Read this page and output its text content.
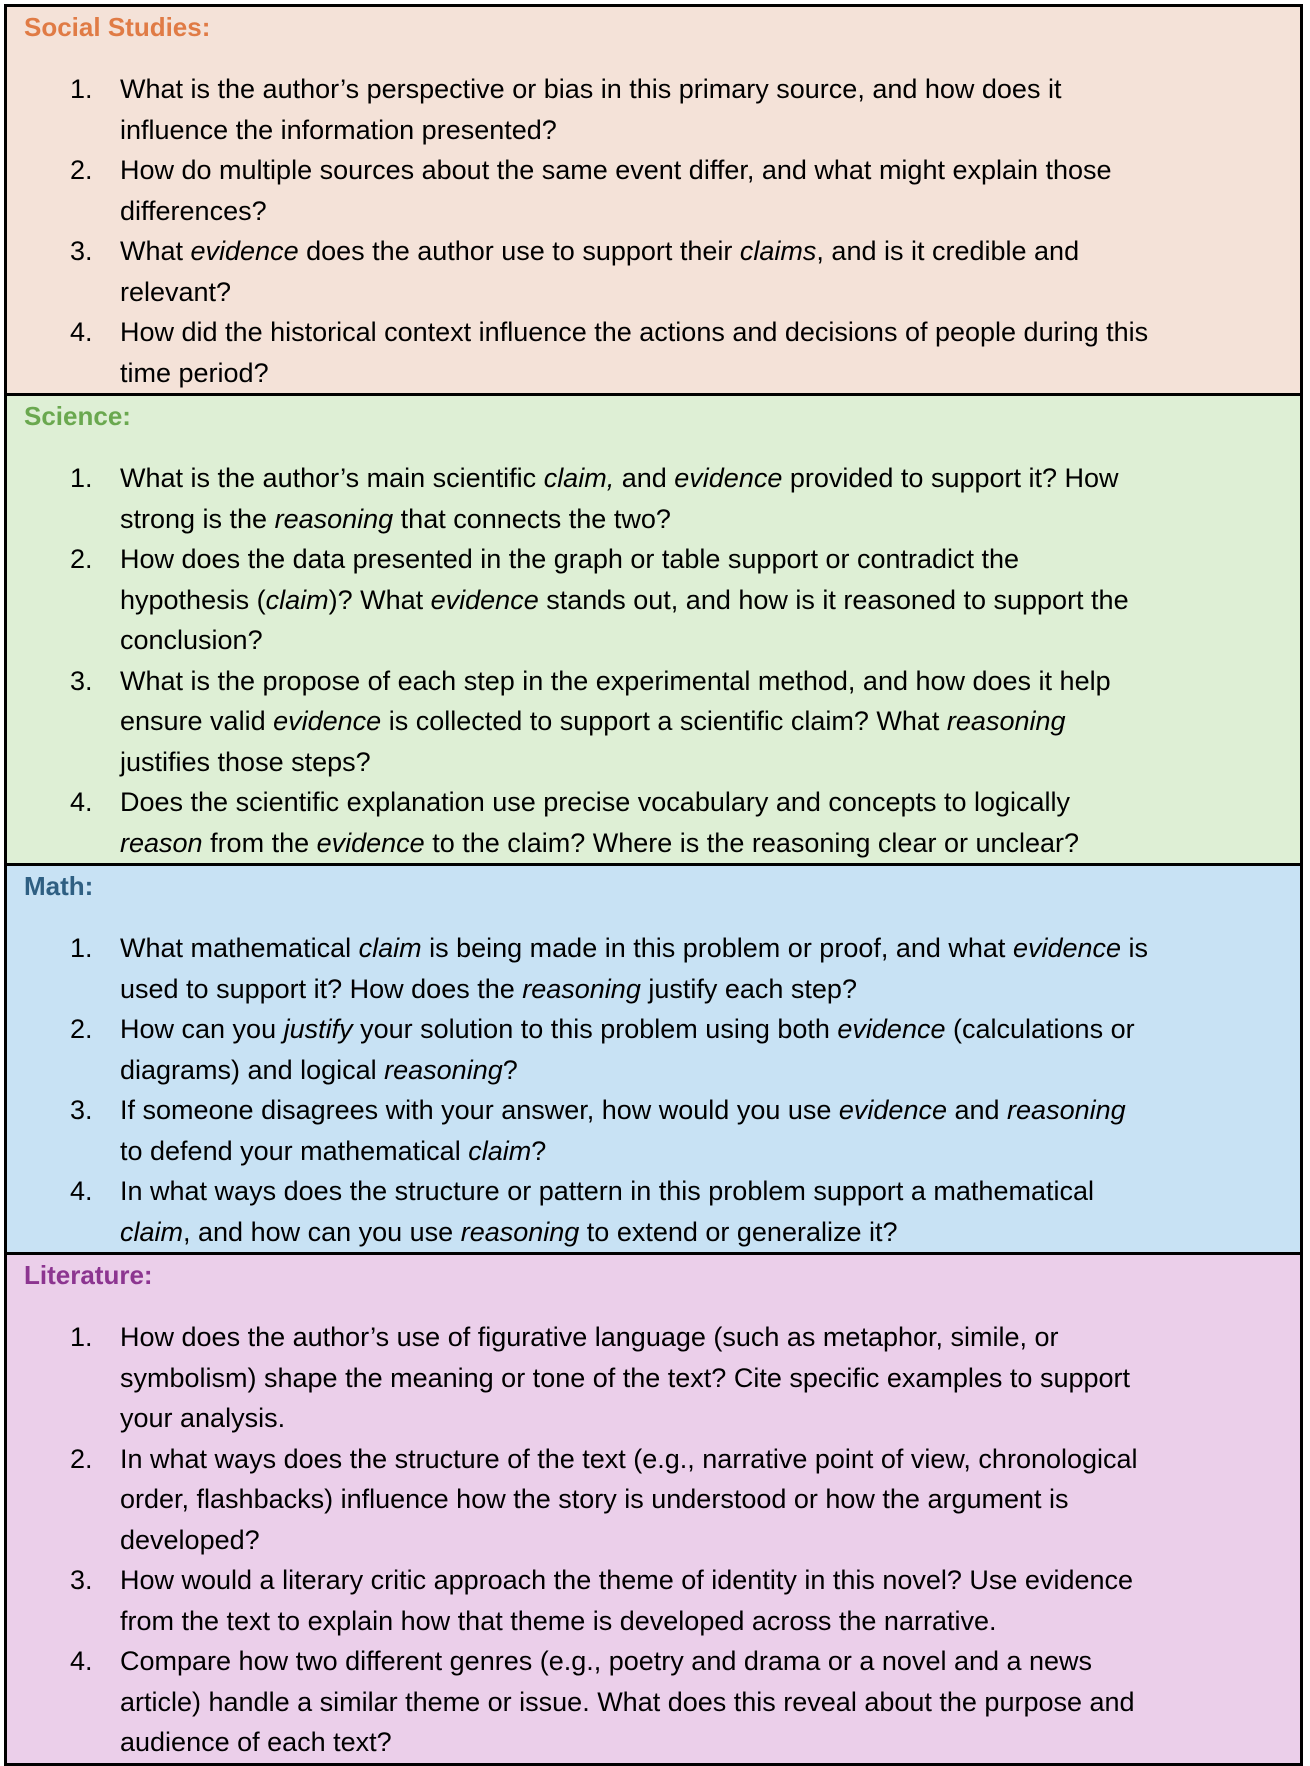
Social Studies:
1. What is the author’s perspective or bias in this primary source, and how does it
influence the information presented?
2. How do multiple sources about the same event differ, and what might explain those
differences?
3. What evidence does the author use to support their claims, and is it credible and
relevant?
4. How did the historical context influence the actions and decisions of people during this
time period?
Science:
1. What is the author’s main scientific claim, and evidence provided to support it? How
strong is the reasoning that connects the two?
2. How does the data presented in the graph or table support or contradict the
hypothesis (claim)? What evidence stands out, and how is it reasoned to support the
conclusion?
3. What is the propose of each step in the experimental method, and how does it help
ensure valid evidence is collected to support a scientific claim? What reasoning
justifies those steps?
4. Does the scientific explanation use precise vocabulary and concepts to logically
reason from the evidence to the claim? Where is the reasoning clear or unclear?
Math:
1. What mathematical claim is being made in this problem or proof, and what evidence is
used to support it? How does the reasoning justify each step?
2. How can you justify your solution to this problem using both evidence (calculations or
diagrams) and logical reasoning?
3. If someone disagrees with your answer, how would you use evidence and reasoning
to defend your mathematical claim?
4. In what ways does the structure or pattern in this problem support a mathematical
claim, and how can you use reasoning to extend or generalize it?
Literature:
1. How does the author’s use of figurative language (such as metaphor, simile, or
symbolism) shape the meaning or tone of the text? Cite specific examples to support
your analysis.
2. In what ways does the structure of the text (e.g., narrative point of view, chronological
order, flashbacks) influence how the story is understood or how the argument is
developed?
3. How would a literary critic approach the theme of identity in this novel? Use evidence
from the text to explain how that theme is developed across the narrative.
4. Compare how two different genres (e.g., poetry and drama or a novel and a news
article) handle a similar theme or issue. What does this reveal about the purpose and
audience of each text?
